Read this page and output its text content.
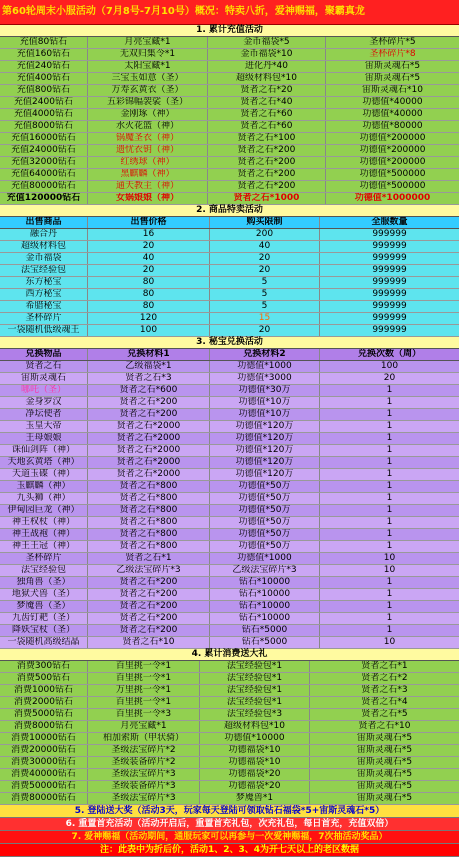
第60轮周末小服活动（7月8号-7月10号）概况：特卖八折，爱神赐福，聚霸真龙
1. 累计充值活动
充值80钻石	月亮宝藏*1	金币福袋*5	圣杯碎片*5
充值160钻石	无双归集令*1	金币福袋*10	圣杯碎片*8
充值240钻石	太阳宝藏*1	进化丹*40	宙斯灵魂石*5
充值400钻石	三宝玉如意（圣）	超级材料包*10	宙斯灵魂石*5
充值800钻石	万寿玄黄衣（圣）	贤者之石*20	宙斯灵魂石*10
充值2400钻石	五彩锦幅袈裟（圣）	贤者之石*40	功德值*40000
充值4000钻石	金刚琢（神）	贤者之石*60	功德值*40000
充值8000钻石	水火花篮（神）	贤者之石*60	功德值*80000
充值16000钻石	锅魔圣衣（神）	贤者之石*100	功德值*200000
充值24000钻石	遗忧衣钥（神）	贤者之石*200	功德值*200000
充值32000钻石	红绣球（神）	贤者之石*200	功德值*200000
充值64000钻石	黑麒麟（神）	贤者之石*200	功德值*500000
充值80000钻石	通天教主（神）	贤者之石*200	功德值*500000
充值120000钻石	女娲娘娘（神）	贤者之石*1000	功德值*1000000
2. 商品特卖活动
出售商品	出售价格	购买限制	全服数量
融合丹	16	200	999999
超级材料包	20	40	999999
金币福袋	40	20	999999
法宝经验包	20	20	999999
东方秘宝	80	5	999999
西方秘宝	80	5	999999
希腊秘宝	80	5	999999
圣杯碎片	120	15	999999
一袋随机低级魂王	100	20	999999
3. 秘宝兑换活动
兑换物品	兑换材料1	兑换材料2	兑换次数（周）
贤者之石	乙级福袋*1	功德值*1000	100
宙斯灵魂石	贤者之石*3	功德值*3000	20
哪吒（圣）	贤者之石*600	功德值*30万	1
金身罗汉	贤者之石*200	功德值*10万	1
净坛使者	贤者之石*200	功德值*10万	1
玉皇大帝	贤者之石*2000	功德值*120万	1
王母娘娘	贤者之石*2000	功德值*120万	1
诛仙剑阵（神）	贤者之石*2000	功德值*120万	1
天地玄黄塔（神）	贤者之石*2000	功德值*120万	1
天道玉碟（神）	贤者之石*2000	功德值*120万	1
玉麒麟（神）	贤者之石*800	功德值*50万	1
九头狮（神）	贤者之石*800	功德值*50万	1
伊甸园巨龙（神）	贤者之石*800	功德值*50万	1
神王权杖（神）	贤者之石*800	功德值*50万	1
神王战袍（神）	贤者之石*800	功德值*50万	1
神王王冠（神）	贤者之石*800	功德值*50万	1
圣杯碎片	贤者之石*1	功德值*1000	10
法宝经验包	乙级法宝碎片*3	乙级法宝碎片*3	10
独角兽（圣）	贤者之石*200	钻石*10000	1
地狱犬兽（圣）	贤者之石*200	钻石*10000	1
梦魇兽（圣）	贤者之石*200	钻石*10000	1
九齿钉耙（圣）	贤者之石*200	钻石*10000	1
降妖宝杖（圣）	贤者之石*200	钻石*5000	1
一袋随机高级结晶	贤者之石*10	钻石*5000	10
4. 累计消费送大礼
消费300钻石	百里挑一令*1	法宝经验包*1	贤者之石*1
消费500钻石	百里挑一令*1	法宝经验包*1	贤者之石*2
消费1000钻石	万里挑一令*1	法宝经验包*1	贤者之石*3
消费2000钻石	百里挑一令*1	法宝经验包*1	贤者之石*4
消费5000钻石	百里挑一令*3	法宝经验包*3	贤者之石*5
消费8000钻石	月亮宝藏*1	超级材料包*10	贤者之石*10
消费10000钻石	柏加索斯（甲状骑）	功德值*10000	宙斯灵魂石*5
消费20000钻石	圣级法宝碎片*2	功德福袋*10	宙斯灵魂石*5
消费30000钻石	圣级装备碎片*2	功德福袋*10	宙斯灵魂石*5
消费40000钻石	圣级法宝碎片*3	功德福袋*20	宙斯灵魂石*5
消费50000钻石	圣级装备碎片*3	功德福袋*20	宙斯灵魂石*5
消费80000钻石	圣级法宝碎片*3	梦魇兽*1	宙斯灵魂石*5
5. 登陆送大奖（活动3天，玩家每天登陆可领取钻石福袋*5+宙斯灵魂石*5）
6. 重置首充活动（活动开启后，重置首充礼包，次充礼包，每日首充，充值双倍）
7. 爱神赐福（活动期间，通服玩家可以再参与一次爱神赐福，7次抽活动奖品）
注：此表中为折后价，活动1、2、3、4为开七天以上的老区数据
